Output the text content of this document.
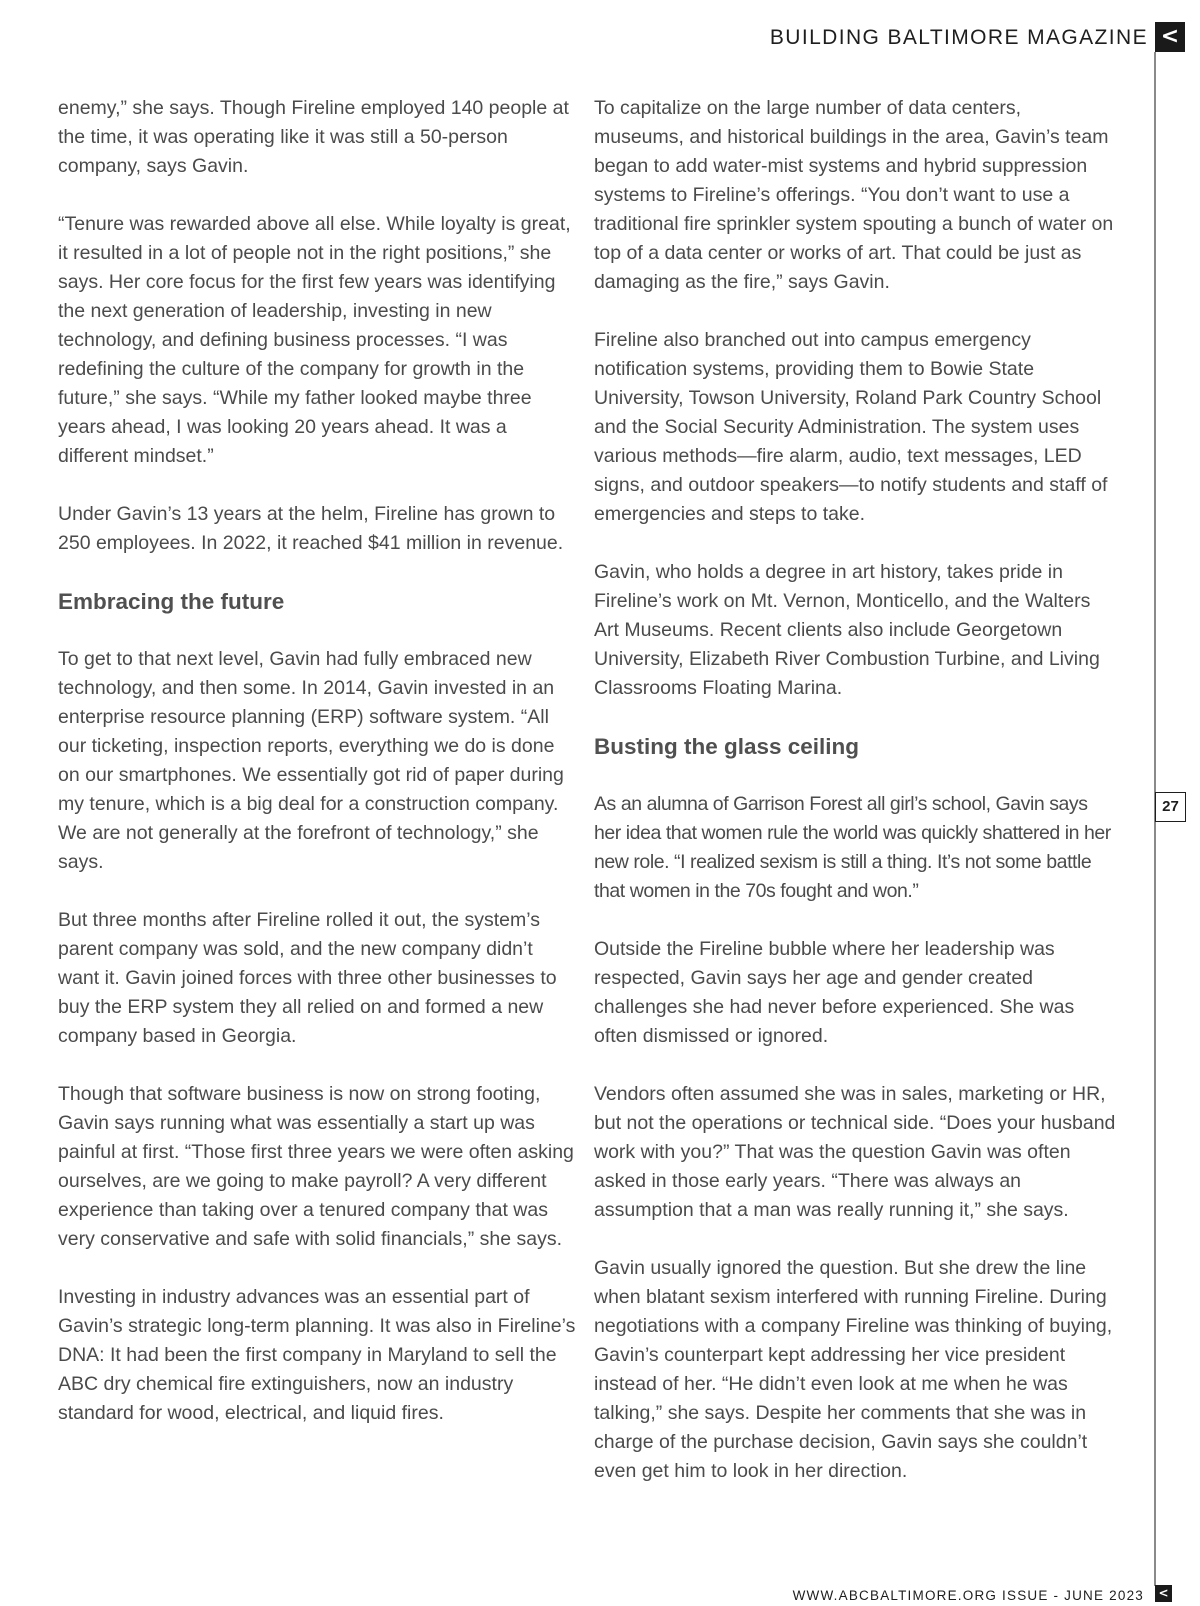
BUILDING BALTIMORE MAGAZINE <
27

enemy,” she says. Though Fireline employed 140 people at the time, it was operating like it was still a 50-person company, says Gavin.

“Tenure was rewarded above all else. While loyalty is great, it resulted in a lot of people not in the right positions,” she says. Her core focus for the first few years was identifying the next generation of leadership, investing in new technology, and defining business processes. “I was redefining the culture of the company for growth in the future,” she says. “While my father looked maybe three years ahead, I was looking 20 years ahead. It was a different mindset.”

Under Gavin’s 13 years at the helm, Fireline has grown to 250 employees. In 2022, it reached $41 million in revenue.

Embracing the future

To get to that next level, Gavin had fully embraced new technology, and then some. In 2014, Gavin invested in an enterprise resource planning (ERP) software system. “All our ticketing, inspection reports, everything we do is done on our smartphones. We essentially got rid of paper during my tenure, which is a big deal for a construction company. We are not generally at the forefront of technology,” she says.

But three months after Fireline rolled it out, the system’s parent company was sold, and the new company didn’t want it. Gavin joined forces with three other businesses to buy the ERP system they all relied on and formed a new company based in Georgia.

Though that software business is now on strong footing, Gavin says running what was essentially a start up was painful at first. “Those first three years we were often asking ourselves, are we going to make payroll? A very different experience than taking over a tenured company that was very conservative and safe with solid financials,” she says.

Investing in industry advances was an essential part of Gavin’s strategic long-term planning. It was also in Fireline’s DNA: It had been the first company in Maryland to sell the ABC dry chemical fire extinguishers, now an industry standard for wood, electrical, and liquid fires.

To capitalize on the large number of data centers, museums, and historical buildings in the area, Gavin’s team began to add water-mist systems and hybrid suppression systems to Fireline’s offerings. “You don’t want to use a traditional fire sprinkler system spouting a bunch of water on top of a data center or works of art. That could be just as damaging as the fire,” says Gavin.

Fireline also branched out into campus emergency notification systems, providing them to Bowie State University, Towson University, Roland Park Country School and the Social Security Administration. The system uses various methods—fire alarm, audio, text messages, LED signs, and outdoor speakers—to notify students and staff of emergencies and steps to take.

Gavin, who holds a degree in art history, takes pride in Fireline’s work on Mt. Vernon, Monticello, and the Walters Art Museums. Recent clients also include Georgetown University, Elizabeth River Combustion Turbine, and Living Classrooms Floating Marina.

Busting the glass ceiling

As an alumna of Garrison Forest all girl’s school, Gavin says her idea that women rule the world was quickly shattered in her new role. “I realized sexism is still a thing. It’s not some battle that women in the 70s fought and won.”

Outside the Fireline bubble where her leadership was respected, Gavin says her age and gender created challenges she had never before experienced. She was often dismissed or ignored.

Vendors often assumed she was in sales, marketing or HR, but not the operations or technical side. “Does your husband work with you?” That was the question Gavin was often asked in those early years. “There was always an assumption that a man was really running it,” she says.

Gavin usually ignored the question. But she drew the line when blatant sexism interfered with running Fireline. During negotiations with a company Fireline was thinking of buying, Gavin’s counterpart kept addressing her vice president instead of her. “He didn’t even look at me when he was talking,” she says. Despite her comments that she was in charge of the purchase decision, Gavin says she couldn’t even get him to look in her direction.

WWW.ABCBALTIMORE.ORG ISSUE - JUNE 2023 <
